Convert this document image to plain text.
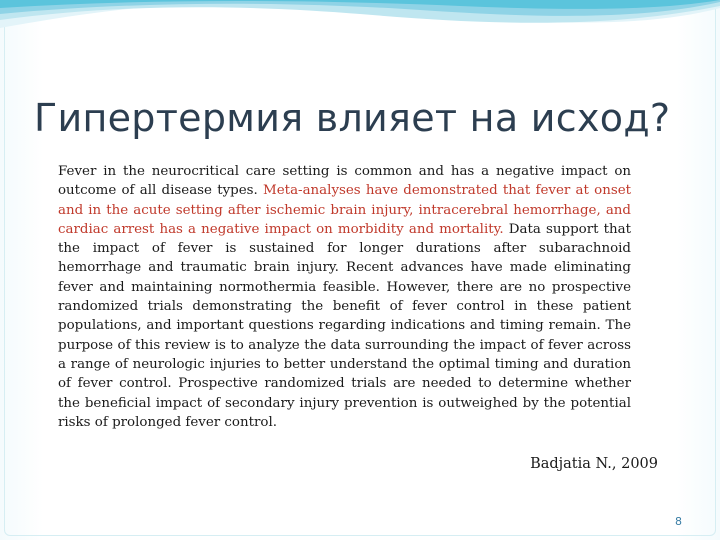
Гипертермия влияет на исход?

Fever in the neurocritical care setting is common and has a negative impact on outcome of all disease types. Meta-analyses have demonstrated that fever at onset and in the acute setting after ischemic brain injury, intracerebral hemorrhage, and cardiac arrest has a negative impact on morbidity and mortality. Data support that the impact of fever is sustained for longer durations after subarachnoid hemorrhage and traumatic brain injury. Recent advances have made eliminating fever and maintaining normothermia feasible. However, there are no prospective randomized trials demonstrating the benefit of fever control in these patient populations, and important questions regarding indications and timing remain. The purpose of this review is to analyze the data surrounding the impact of fever across a range of neurologic injuries to better understand the optimal timing and duration of fever control. Prospective randomized trials are needed to determine whether the beneficial impact of secondary injury prevention is outweighed by the potential risks of prolonged fever control.

Badjatia N., 2009
8
